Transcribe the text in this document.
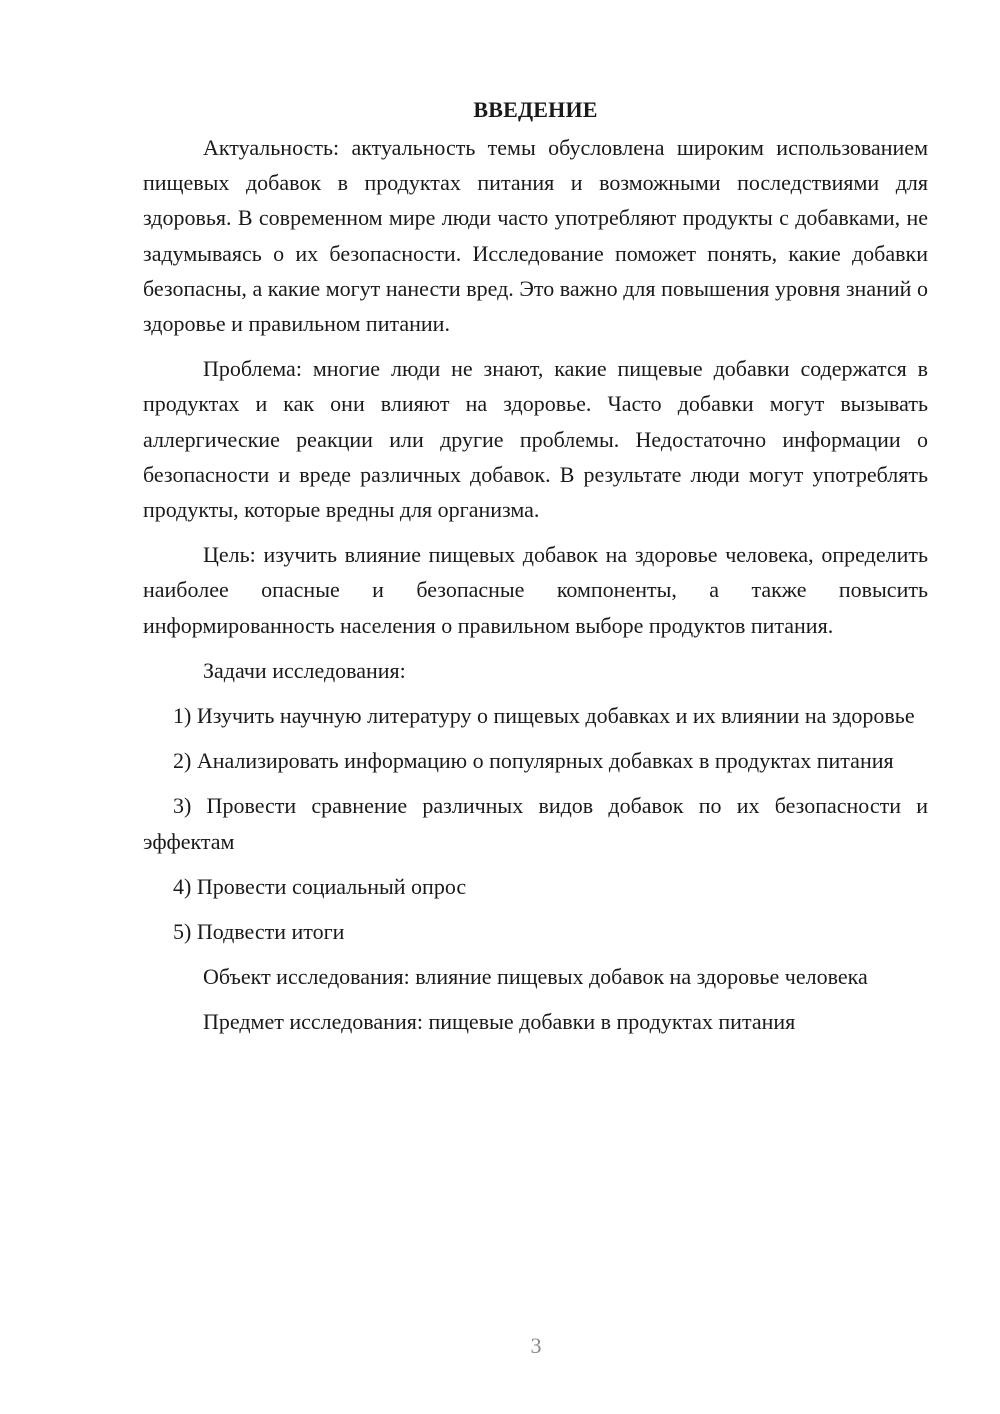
ВВЕДЕНИЕ

Актуальность: актуальность темы обусловлена широким использованием пищевых добавок в продуктах питания и возможными последствиями для здоровья. В современном мире люди часто употребляют продукты с добавками, не задумываясь о их безопасности. Исследование поможет понять, какие добавки безопасны, а какие могут нанести вред. Это важно для повышения уровня знаний о здоровье и правильном питании.

Проблема: многие люди не знают, какие пищевые добавки содержатся в продуктах и как они влияют на здоровье. Часто добавки могут вызывать аллергические реакции или другие проблемы. Недостаточно информации о безопасности и вреде различных добавок. В результате люди могут употреблять продукты, которые вредны для организма.

Цель: изучить влияние пищевых добавок на здоровье человека, определить наиболее опасные и безопасные компоненты, а также повысить информированность населения о правильном выборе продуктов питания.

Задачи исследования:

1) Изучить научную литературу о пищевых добавках и их влиянии на здоровье

2) Анализировать информацию о популярных добавках в продуктах питания

3) Провести сравнение различных видов добавок по их безопасности и эффектам

4) Провести социальный опрос

5) Подвести итоги

Объект исследования: влияние пищевых добавок на здоровье человека

Предмет исследования: пищевые добавки в продуктах питания

3
